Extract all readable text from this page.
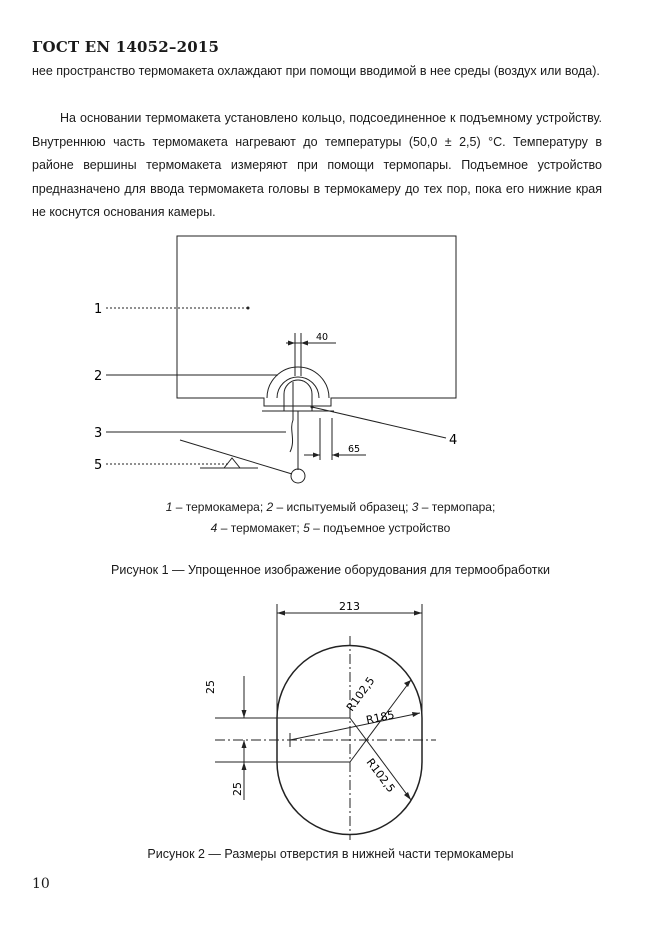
ГОСТ EN 14052–2015
нее пространство термомакета охлаждают при помощи вводимой в нее среды (воздух или вода).
На основании термомакета установлено кольцо, подсоединенное к подъемному устройству. Внутреннюю часть термомакета нагревают до температуры (50,0 ± 2,5) °С. Температуру в районе вершины термомакета измеряют при помощи термопары. Подъемное устройство предназначено для ввода термомакета головы в термокамеру до тех пор, пока его нижние края не коснутся основания камеры.
1
2
3	4
5
40
65
1 – термокамера; 2 – испытуемый образец; 3 – термопара;
4 – термомакет; 5 – подъемное устройство
Рисунок 1 — Упрощенное изображение оборудования для термообработки
213
R102,5
R185
R102,5
25
25
Рисунок 2 — Размеры отверстия в нижней части термокамеры
10
